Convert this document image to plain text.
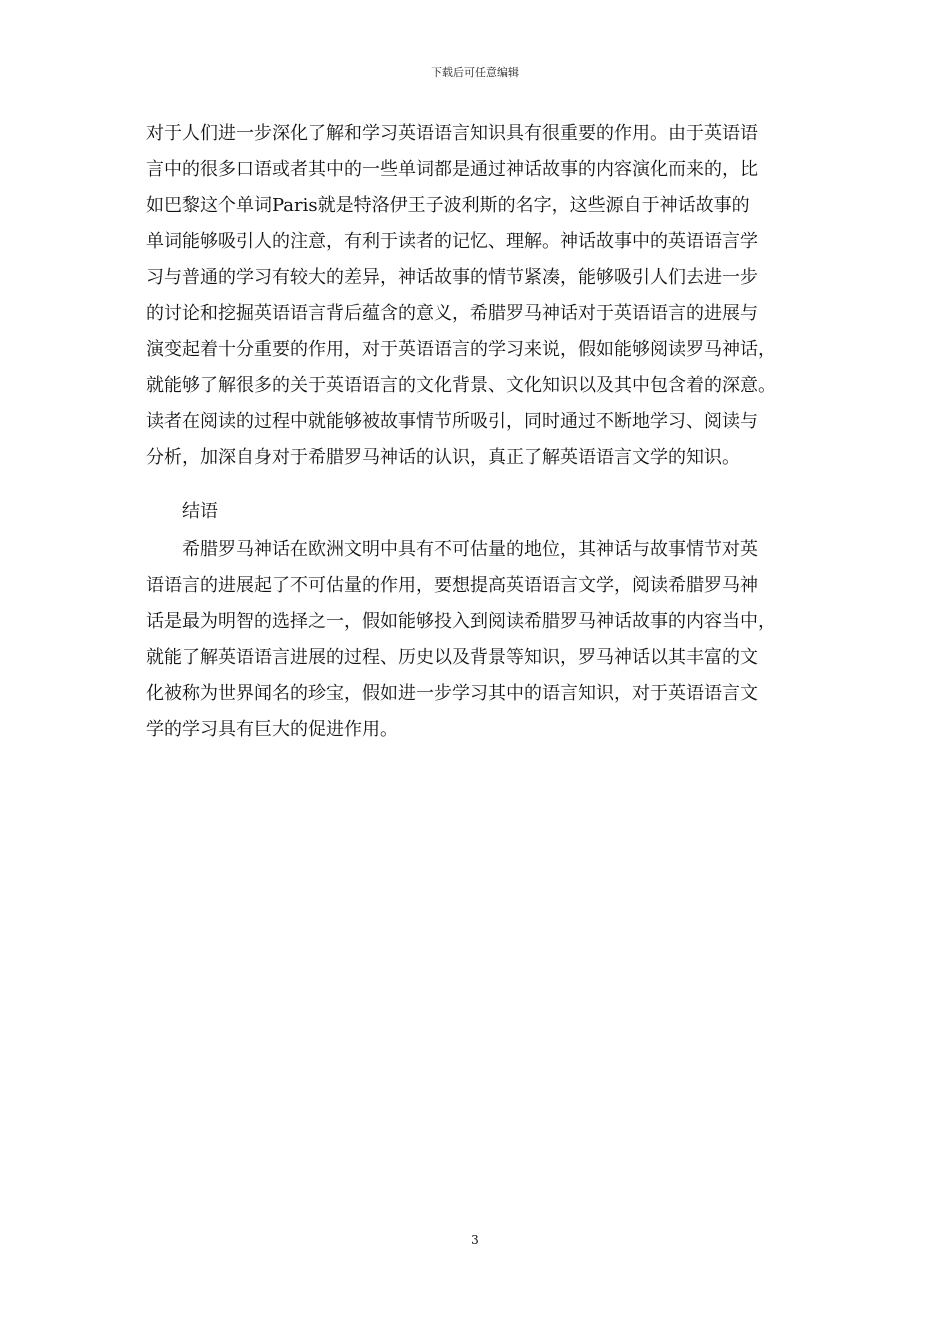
下载后可任意编辑
对于人们进一步深化了解和学习英语语言知识具有很重要的作用。由于英语语
言中的很多口语或者其中的一些单词都是通过神话故事的内容演化而来的，比
如巴黎这个单词Paris就是特洛伊王子波利斯的名字，这些源自于神话故事的
单词能够吸引人的注意，有利于读者的记忆、理解。神话故事中的英语语言学
习与普通的学习有较大的差异，神话故事的情节紧凑，能够吸引人们去进一步
的讨论和挖掘英语语言背后蕴含的意义，希腊罗马神话对于英语语言的进展与
演变起着十分重要的作用，对于英语语言的学习来说，假如能够阅读罗马神话，
就能够了解很多的关于英语语言的文化背景、文化知识以及其中包含着的深意。
读者在阅读的过程中就能够被故事情节所吸引，同时通过不断地学习、阅读与
分析，加深自身对于希腊罗马神话的认识，真正了解英语语言文学的知识。
结语
希腊罗马神话在欧洲文明中具有不可估量的地位，其神话与故事情节对英
语语言的进展起了不可估量的作用，要想提高英语语言文学，阅读希腊罗马神
话是最为明智的选择之一，假如能够投入到阅读希腊罗马神话故事的内容当中，
就能了解英语语言进展的过程、历史以及背景等知识，罗马神话以其丰富的文
化被称为世界闻名的珍宝，假如进一步学习其中的语言知识，对于英语语言文
学的学习具有巨大的促进作用。
3
